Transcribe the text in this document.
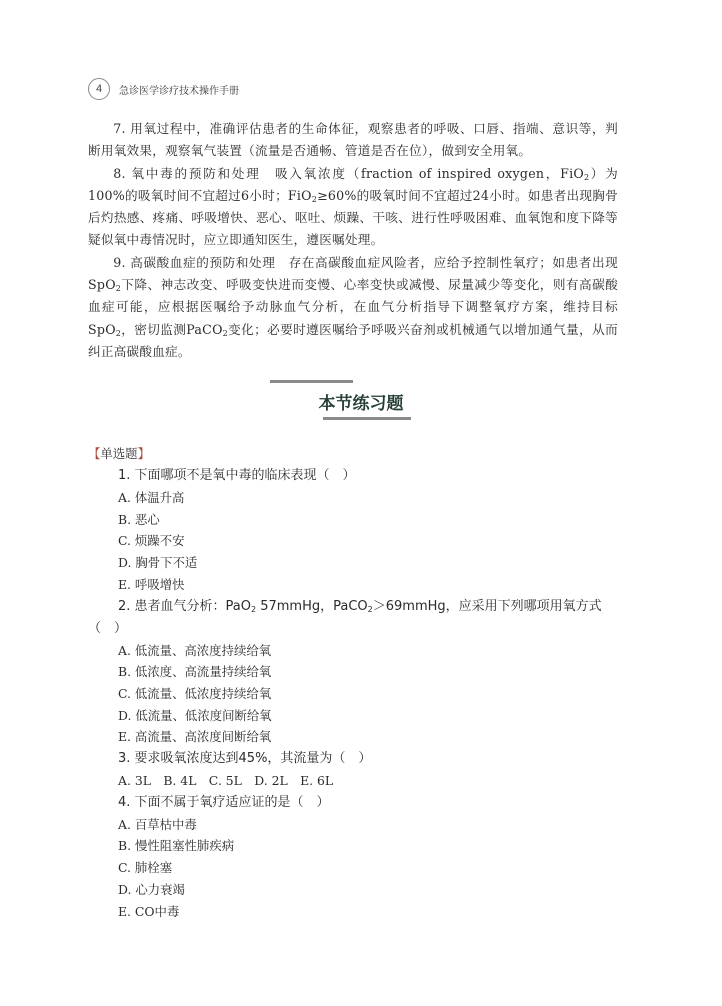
4	急诊医学诊疗技术操作手册

7. 用氧过程中，准确评估患者的生命体征，观察患者的呼吸、口唇、指端、意识等，判断用氧效果，观察氧气装置（流量是否通畅、管道是否在位），做到安全用氧。

8. 氧中毒的预防和处理　吸入氧浓度（fraction of inspired oxygen，FiO$_2$）为100%的吸氧时间不宜超过6小时；FiO$_2$≥60%的吸氧时间不宜超过24小时。如患者出现胸骨后灼热感、疼痛、呼吸增快、恶心、呕吐、烦躁、干咳、进行性呼吸困难、血氧饱和度下降等疑似氧中毒情况时，应立即通知医生，遵医嘱处理。

9. 高碳酸血症的预防和处理　存在高碳酸血症风险者，应给予控制性氧疗；如患者出现SpO$_2$下降、神志改变、呼吸变快进而变慢、心率变快或减慢、尿量减少等变化，则有高碳酸血症可能，应根据医嘱给予动脉血气分析，在血气分析指导下调整氧疗方案，维持目标SpO$_2$，密切监测PaCO$_2$变化；必要时遵医嘱给予呼吸兴奋剂或机械通气以增加通气量，从而纠正高碳酸血症。

本节练习题
【单选题】
1. 下面哪项不是氧中毒的临床表现（　）
A. 体温升高
B. 恶心
C. 烦躁不安
D. 胸骨下不适
E. 呼吸增快
2. 患者血气分析：PaO$_2$ 57mmHg，PaCO$_2$＞69mmHg，应采用下列哪项用氧方式（　）
A. 低流量、高浓度持续给氧
B. 低浓度、高流量持续给氧
C. 低流量、低浓度持续给氧
D. 低流量、低浓度间断给氧
E. 高流量、高浓度间断给氧
3. 要求吸氧浓度达到45%，其流量为（　）
A. 3L　B. 4L　C. 5L　D. 2L　E. 6L
4. 下面不属于氧疗适应证的是（　）
A. 百草枯中毒
B. 慢性阻塞性肺疾病
C. 肺栓塞
D. 心力衰竭
E. CO中毒
